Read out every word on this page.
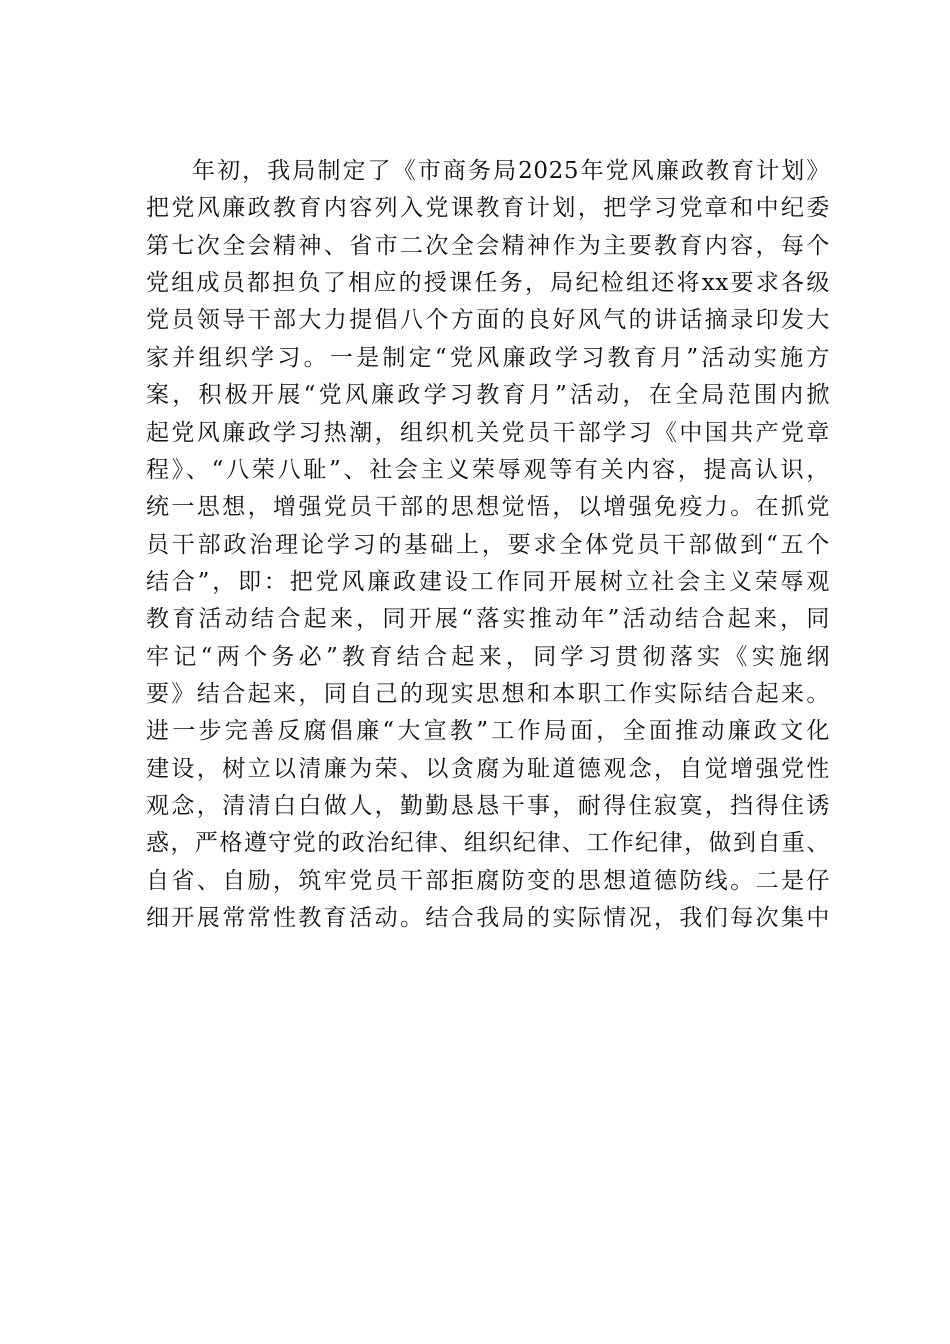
年初，我局制定了《市商务局2025年党风廉政教育计划》
把党风廉政教育内容列入党课教育计划，把学习党章和中纪委
第七次全会精神、省市二次全会精神作为主要教育内容，每个
党组成员都担负了相应的授课任务，局纪检组还将xx要求各级
党员领导干部大力提倡八个方面的良好风气的讲话摘录印发大
家并组织学习。一是制定“党风廉政学习教育月”活动实施方
案，积极开展“党风廉政学习教育月”活动，在全局范围内掀
起党风廉政学习热潮，组织机关党员干部学习《中国共产党章
程》、“八荣八耻”、社会主义荣辱观等有关内容，提高认识，
统一思想，增强党员干部的思想觉悟，以增强免疫力。在抓党
员干部政治理论学习的基础上，要求全体党员干部做到“五个
结合”，即：把党风廉政建设工作同开展树立社会主义荣辱观
教育活动结合起来，同开展“落实推动年”活动结合起来，同
牢记“两个务必”教育结合起来，同学习贯彻落实《实施纲
要》结合起来，同自己的现实思想和本职工作实际结合起来。
进一步完善反腐倡廉“大宣教”工作局面，全面推动廉政文化
建设，树立以清廉为荣、以贪腐为耻道德观念，自觉增强党性
观念，清清白白做人，勤勤恳恳干事，耐得住寂寞，挡得住诱
惑，严格遵守党的政治纪律、组织纪律、工作纪律，做到自重、
自省、自励，筑牢党员干部拒腐防变的思想道德防线。二是仔
细开展常常性教育活动。结合我局的实际情况，我们每次集中
